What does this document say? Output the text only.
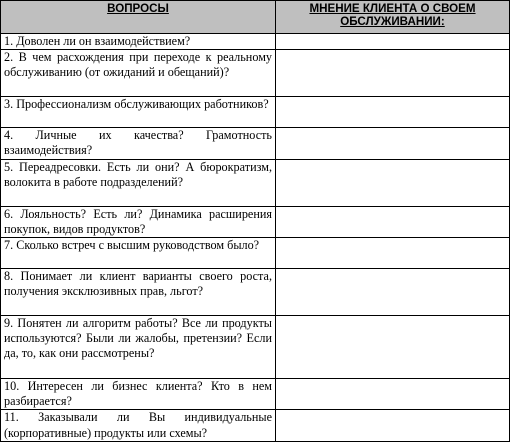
ВОПРОСЫ	МНЕНИЕ КЛИЕНТА О СВОЕМ ОБСЛУЖИВАНИИ:
1. Доволен ли он взаимодействием?	
2. В чем расхождения при переходе к реальному обслуживанию (от ожиданий и обещаний)?	
3. Профессионализм обслуживающих работников?	
4. Личные их качества? Грамотность взаимодействия?	
5. Переадресовки. Есть ли они? А бюрократизм, волокита в работе подразделений?	
6. Лояльность? Есть ли? Динамика расширения покупок, видов продуктов?	
7. Сколько встреч с высшим руководством было?	
8. Понимает ли клиент варианты своего роста, получения эксклюзивных прав, льгот?	
9. Понятен ли алгоритм работы? Все ли продукты используются? Были ли жалобы, претензии? Если да, то, как они рассмотрены?	
10. Интересен ли бизнес клиента? Кто в нем разбирается?	
11. Заказывали ли Вы индивидуальные (корпоративные) продукты или схемы?	
